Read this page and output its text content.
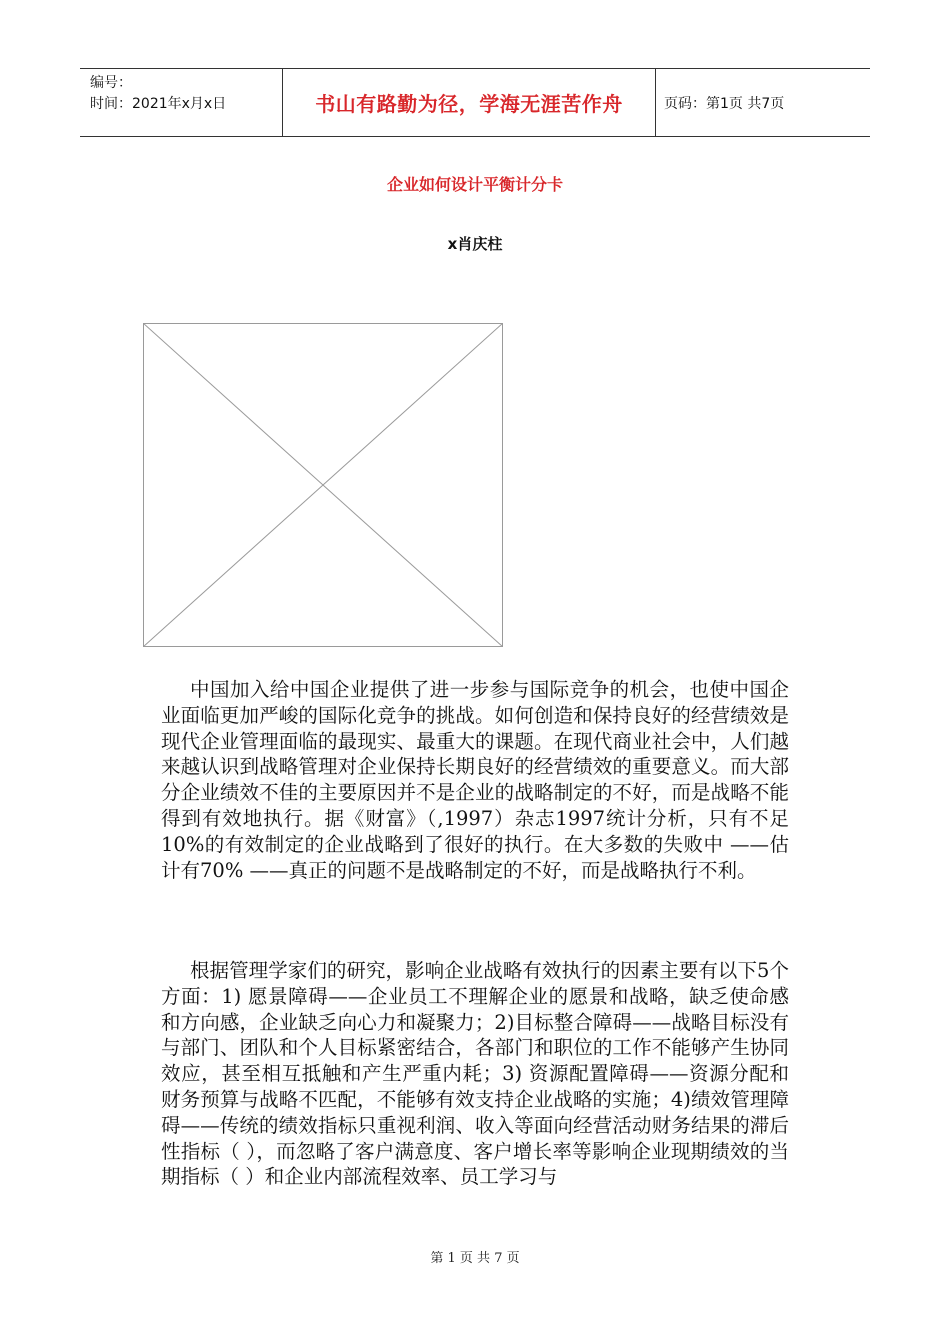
编号：
时间：2021年x月x日	书山有路勤为径，学海无涯苦作舟	页码：第1页 共7页
企业如何设计平衡计分卡
x肖庆柱

中国加入给中国企业提供了进一步参与国际竞争的机会，也使中国企业面临更加严峻的国际化竞争的挑战。如何创造和保持良好的经营绩效是现代企业管理面临的最现实、最重大的课题。在现代商业社会中，人们越来越认识到战略管理对企业保持长期良好的经营绩效的重要意义。而大部分企业绩效不佳的主要原因并不是企业的战略制定的不好，而是战略不能得到有效地执行。据《财富》（,1997）杂志1997统计分析，只有不足10%的有效制定的企业战略到了很好的执行。在大多数的失败中 ——估计有70% ——真正的问题不是战略制定的不好，而是战略执行不利。

根据管理学家们的研究，影响企业战略有效执行的因素主要有以下5个方面：1) 愿景障碍——企业员工不理解企业的愿景和战略，缺乏使命感和方向感，企业缺乏向心力和凝聚力；2)目标整合障碍——战略目标没有与部门、团队和个人目标紧密结合，各部门和职位的工作不能够产生协同效应，甚至相互抵触和产生严重内耗；3) 资源配置障碍——资源分配和财务预算与战略不匹配，不能够有效支持企业战略的实施；4)绩效管理障碍——传统的绩效指标只重视利润、收入等面向经营活动财务结果的滞后性指标（ ），而忽略了客户满意度、客户增长率等影响企业现期绩效的当期指标（ ）和企业内部流程效率、员工学习与

第 1 页 共 7 页
